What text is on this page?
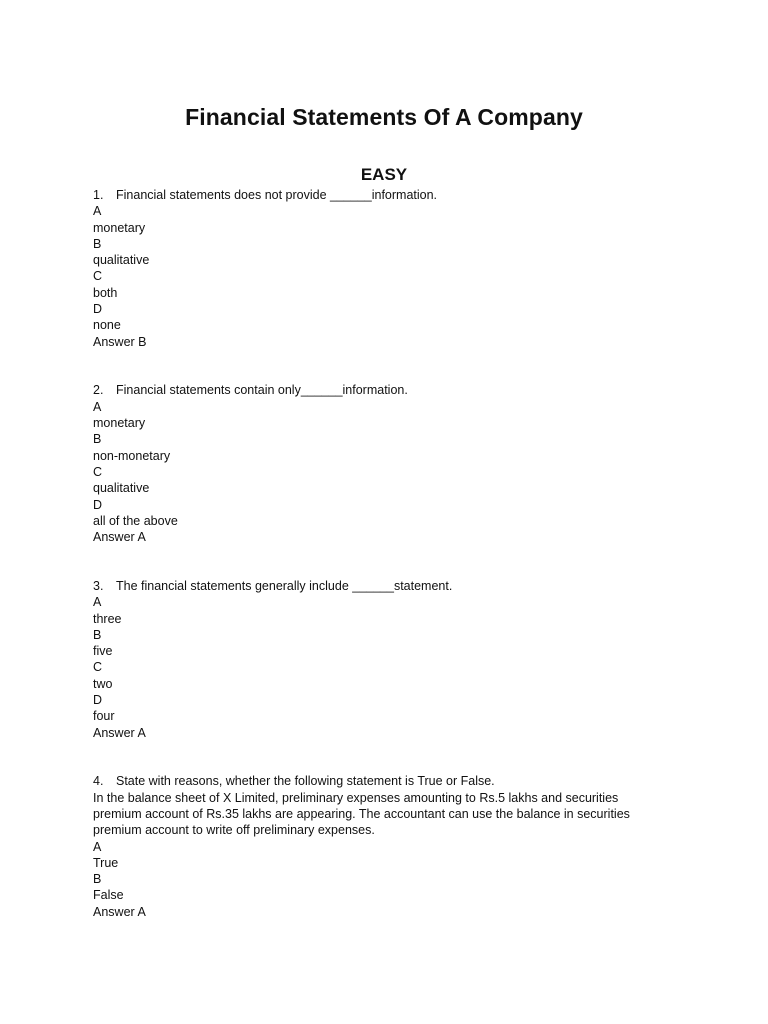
Financial Statements Of A Company
EASY
1. Financial statements does not provide ______information.
A
monetary
B
qualitative
C
both
D
none
Answer B
2. Financial statements contain only______information.
A
monetary
B
non-monetary
C
qualitative
D
all of the above
Answer A
3. The financial statements generally include ______statement.
A
three
B
five
C
two
D
four
Answer A
4. State with reasons, whether the following statement is True or False.
In the balance sheet of X Limited, preliminary expenses amounting to Rs.5 lakhs and securities
premium account of Rs.35 lakhs are appearing. The accountant can use the balance in securities
premium account to write off preliminary expenses.
A
True
B
False
Answer A
